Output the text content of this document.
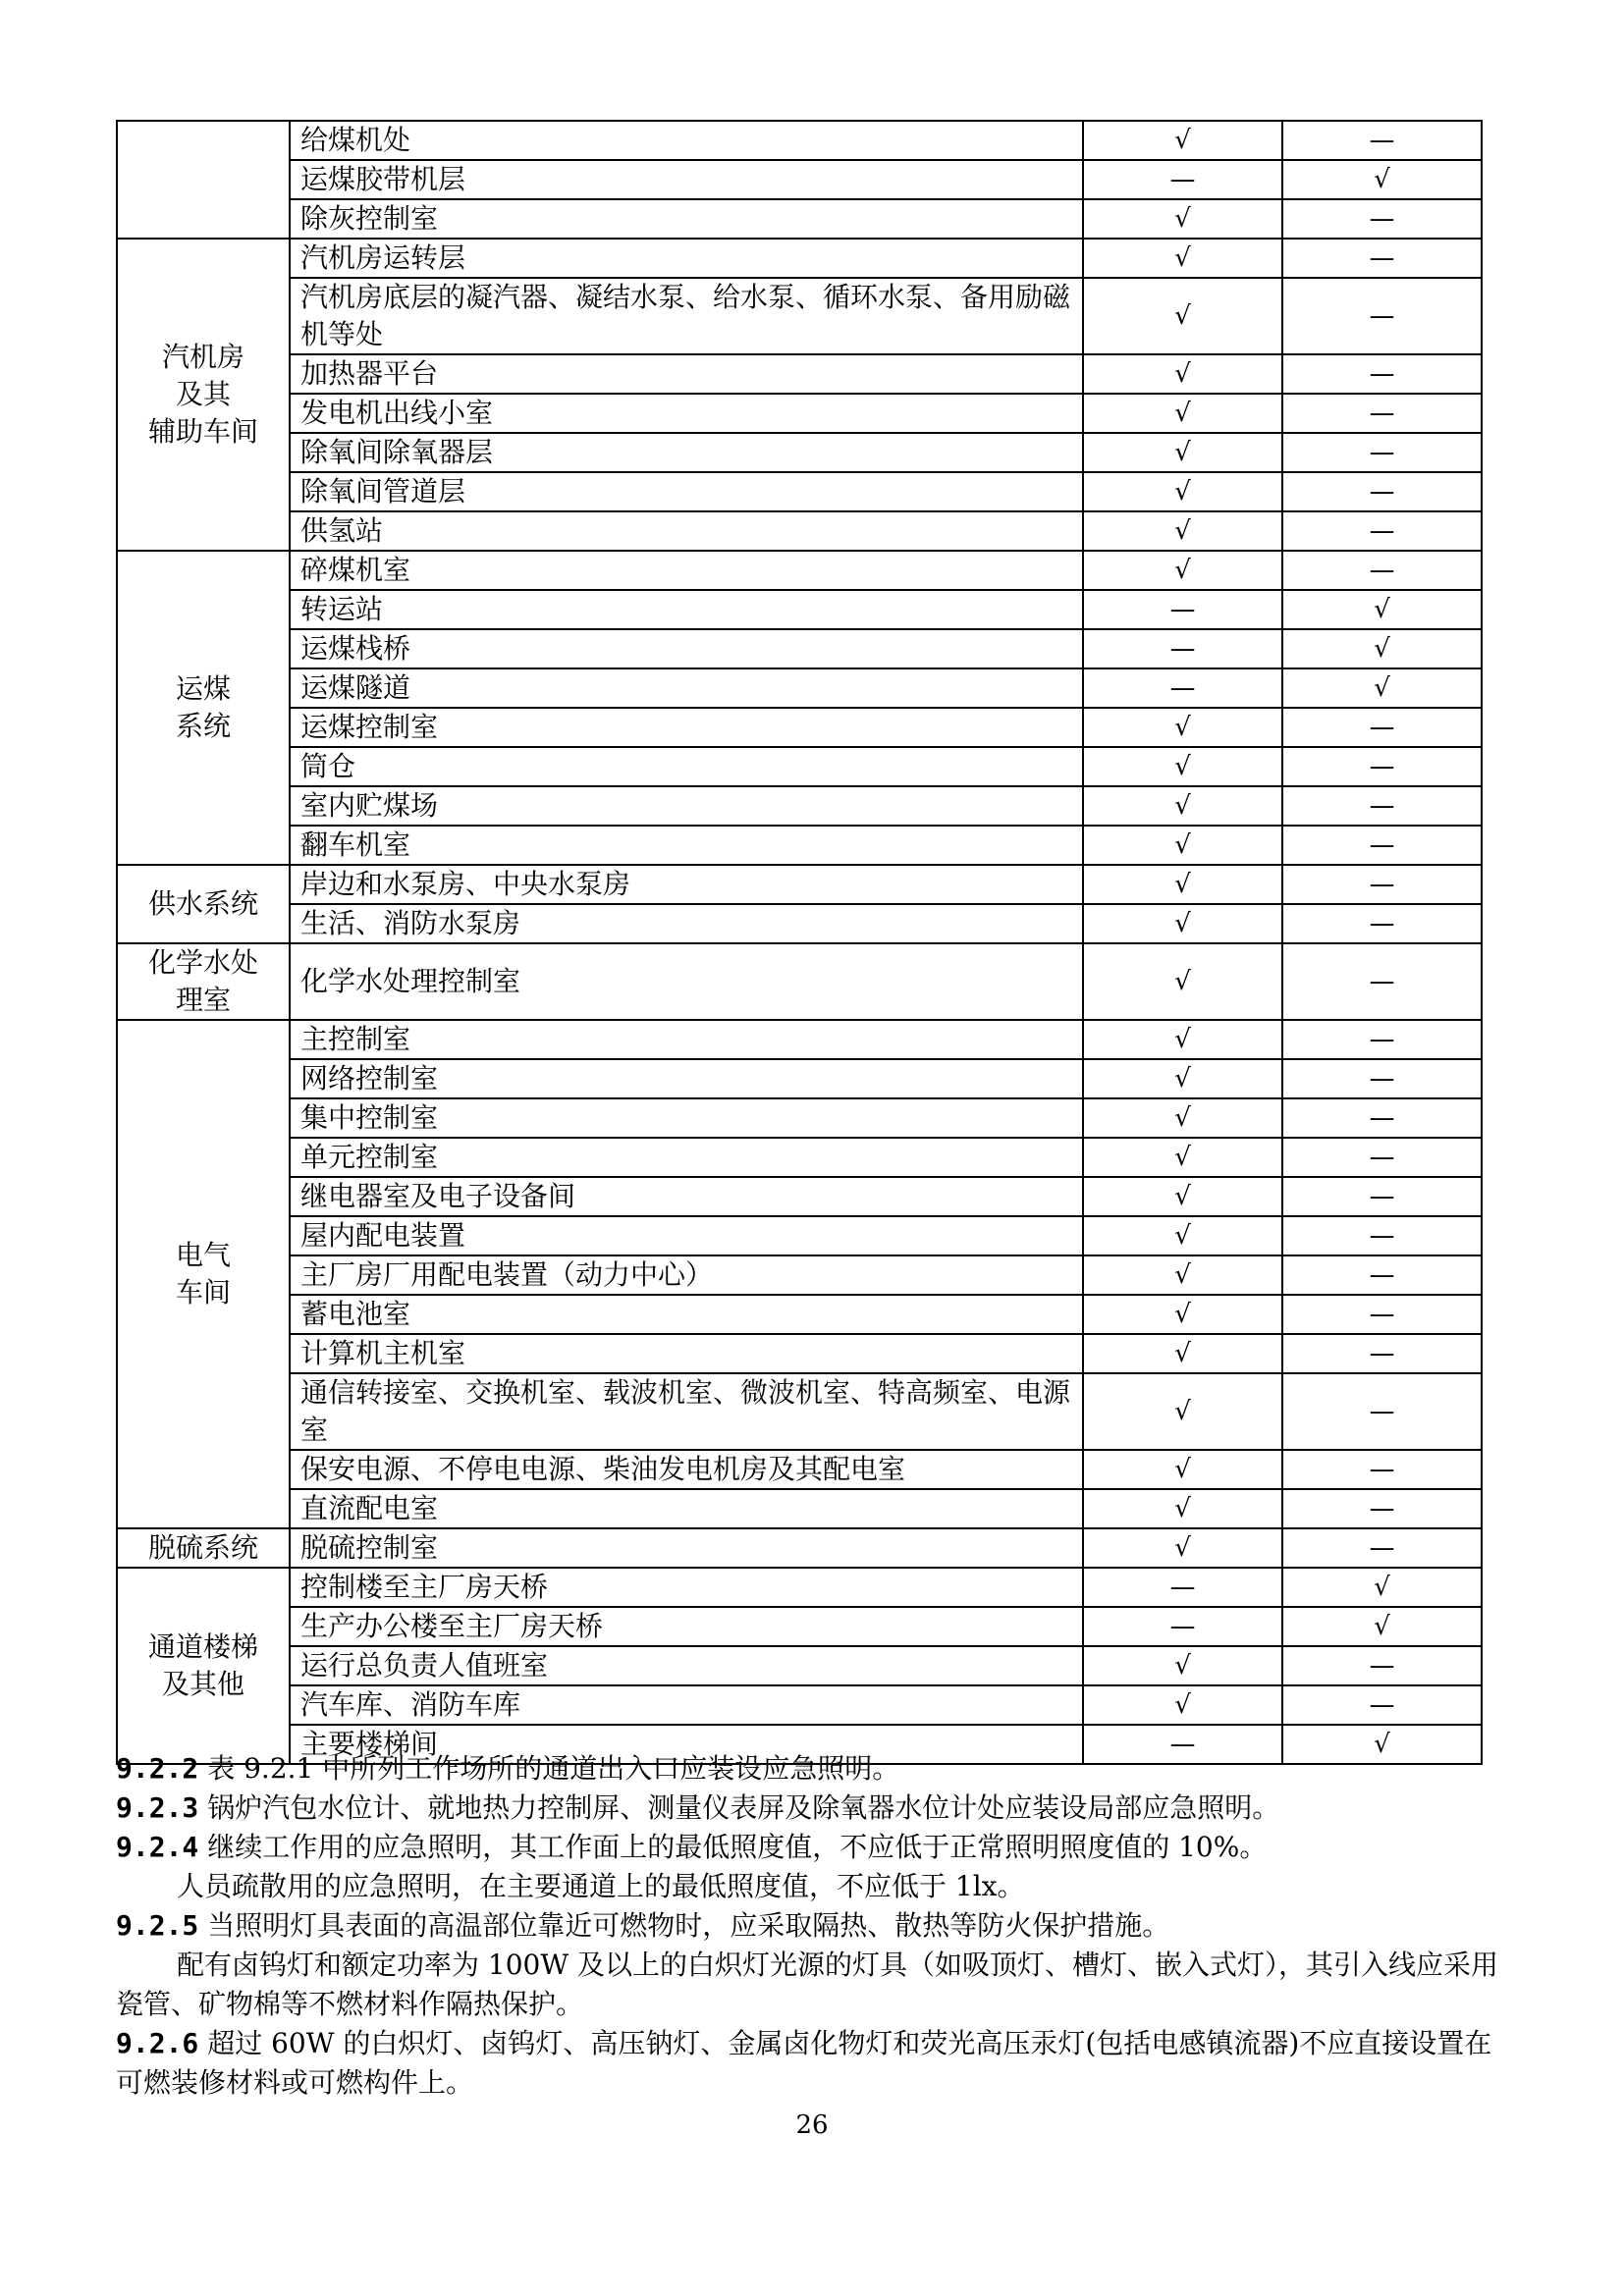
	给煤机处	√	—
	运煤胶带机层	—	√
	除灰控制室	√	—

汽机房
及其
辅助车间	汽机房运转层	√	—
	汽机房底层的凝汽器、凝结水泵、给水泵、循环水泵、备用励磁机等处	√	—
	加热器平台	√	—
	发电机出线小室	√	—
	除氧间除氧器层	√	—
	除氧间管道层	√	—
	供氢站	√	—

运煤
系统	碎煤机室	√	—
	转运站	—	√
	运煤栈桥	—	√
	运煤隧道	—	√
	运煤控制室	√	—
	筒仓	√	—
	室内贮煤场	√	—
	翻车机室	√	—

供水系统	岸边和水泵房、中央水泵房	√	—
	生活、消防水泵房	√	—

化学水处
理室	化学水处理控制室	√	—

电气
车间	主控制室	√	—
	网络控制室	√	—
	集中控制室	√	—
	单元控制室	√	—
	继电器室及电子设备间	√	—
	屋内配电装置	√	—
	主厂房厂用配电装置（动力中心）	√	—
	蓄电池室	√	—
	计算机主机室	√	—
	通信转接室、交换机室、载波机室、微波机室、特高频室、电源室	√	—
	保安电源、不停电电源、柴油发电机房及其配电室	√	—
	直流配电室	√	—

脱硫系统	脱硫控制室	√	—

通道楼梯
及其他	控制楼至主厂房天桥	—	√
	生产办公楼至主厂房天桥	—	√
	运行总负责人值班室	√	—
	汽车库、消防车库	√	—
	主要楼梯间	—	√

9.2.2 表 9.2.1 中所列工作场所的通道出入口应装设应急照明。

9.2.3 锅炉汽包水位计、就地热力控制屏、测量仪表屏及除氧器水位计处应装设局部应急照明。

9.2.4 继续工作用的应急照明，其工作面上的最低照度值，不应低于正常照明照度值的 10%。

人员疏散用的应急照明，在主要通道上的最低照度值，不应低于 1lx。

9.2.5 当照明灯具表面的高温部位靠近可燃物时，应采取隔热、散热等防火保护措施。

配有卤钨灯和额定功率为 100W 及以上的白炽灯光源的灯具（如吸顶灯、槽灯、嵌入式灯），其引入线应采用瓷管、矿物棉等不燃材料作隔热保护。

9.2.6 超过 60W 的白炽灯、卤钨灯、高压钠灯、金属卤化物灯和荧光高压汞灯(包括电感镇流器)不应直接设置在可燃装修材料或可燃构件上。

26
